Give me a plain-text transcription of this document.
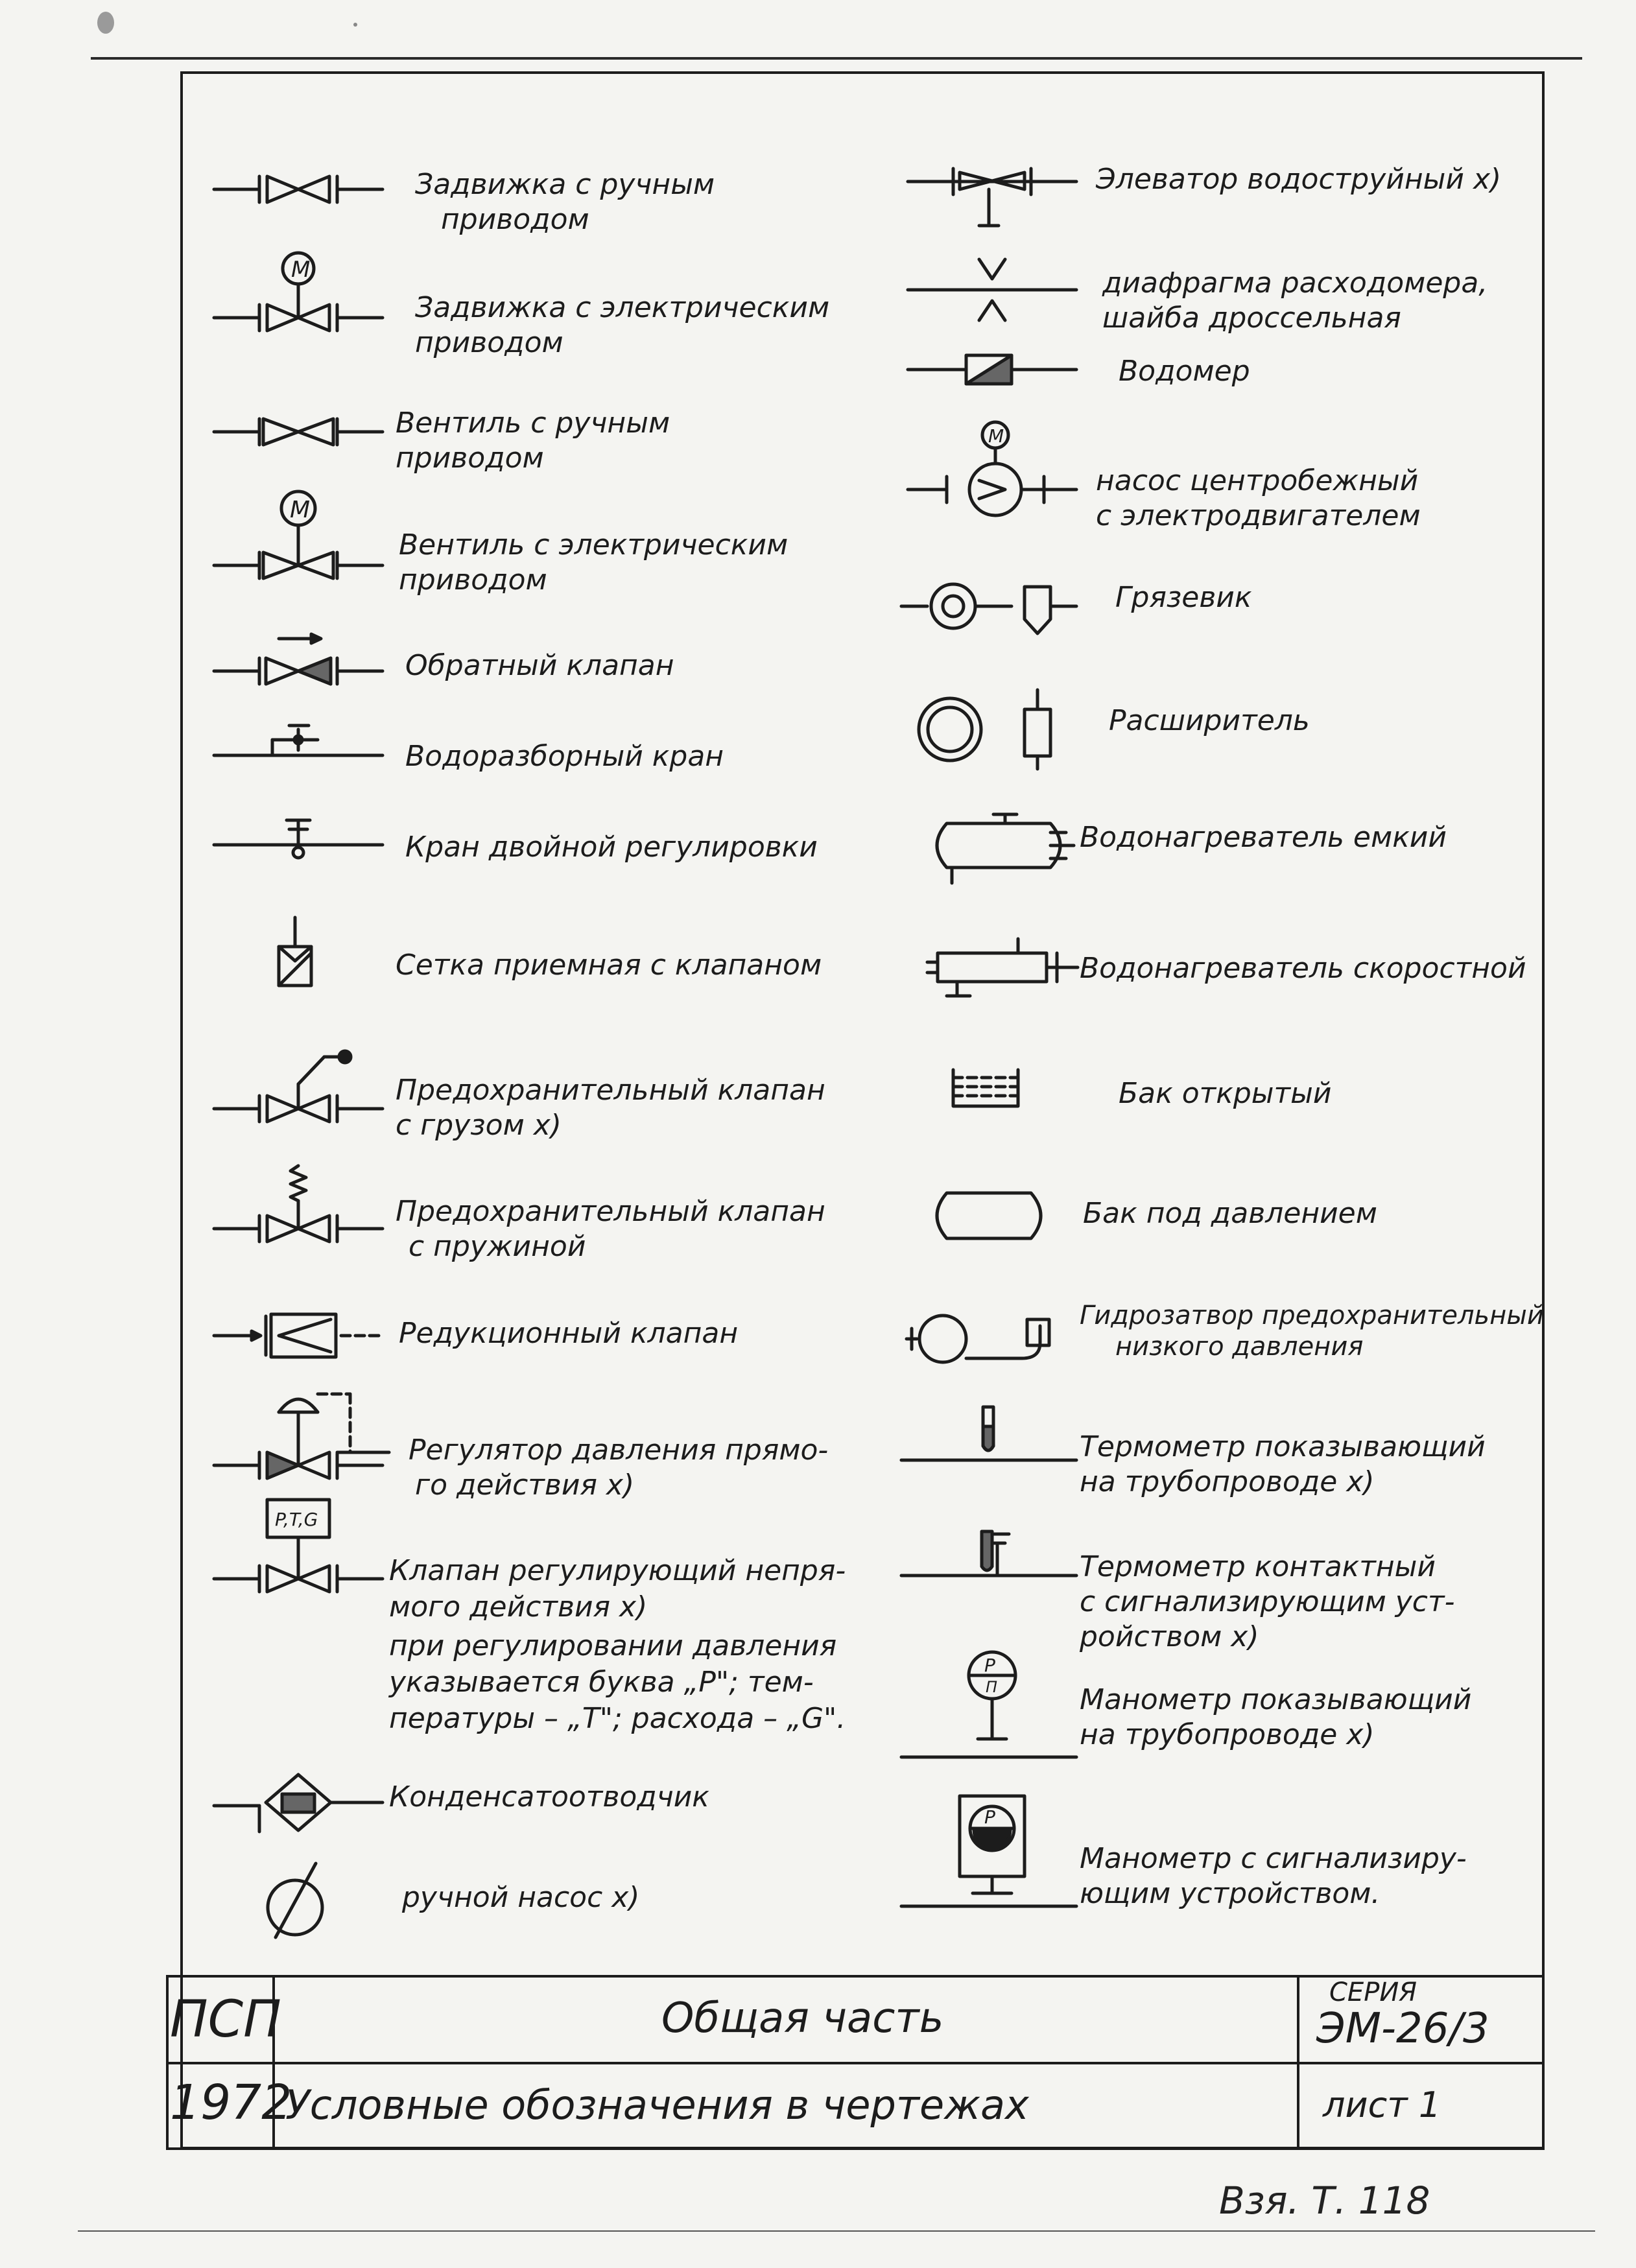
Задвижка с ручным
приводом
M
Задвижка с электрическим
приводом
Вентиль с ручным
приводом
M
Вентиль с электрическим
приводом
Обратный клапан
Водоразборный кран
Кран двойной регулировки
Сетка приемная с клапаном
Предохранительный клапан
с грузом x)
Предохранительный клапан
с пружиной
Редукционный клапан
Регулятор давления прямо-
го действия x)
P,T,G
Клапан регулирующий непря-
мого действия x)
при регулировании давления
указывается буква „P"; тем-
пературы – „T"; расхода – „G".
Конденсатоотводчик
ручной насос x)
Элеватор водоструйный x)
диафрагма расходомера,
шайба дроссельная
Водомер
M
насос центробежный
с электродвигателем
Грязевик
Расширитель
Водонагреватель емкий
Водонагреватель скоростной
Бак открытый
Бак под давлением
Гидрозатвор предохранительный
низкого давления
Термометр показывающий
на трубопроводе x)
Термометр контактный
с сигнализирующим уст-
ройством x)
P
П	Манометр показывающий
на трубопроводе x)
P
Манометр с сигнализиру-
ющим устройством.
ПСП
1972
Общая часть
Условные обозначения в чертежах
СЕРИЯ
ЭМ-26/3
лист 1
Взя. Т. 118
